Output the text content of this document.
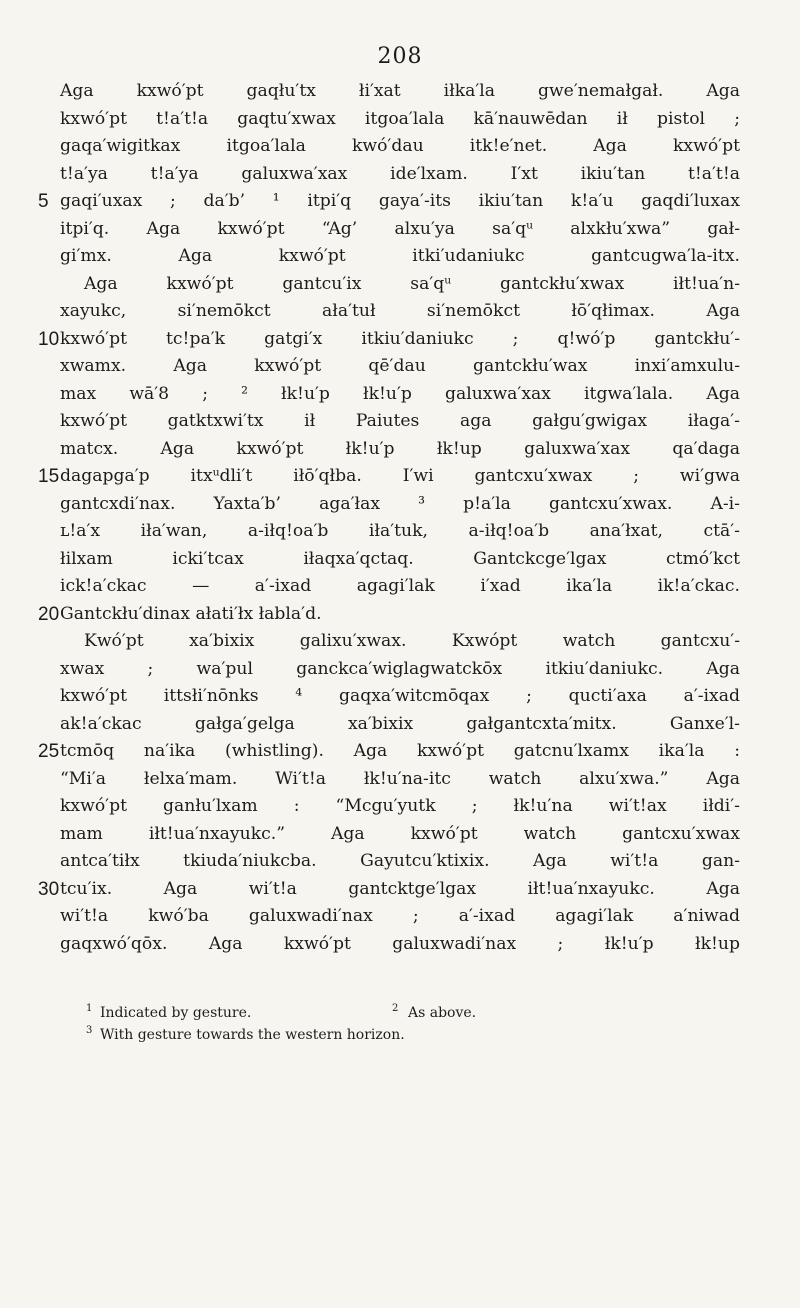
208
Aga kxwó′pt gaqłu′tx łi′xat iłka′la gwe′nemałgał. Aga
kxwó′pt t!a′t!a gaqtu′xwax itgoa′lala kā′nauwēdan ił pistol ;
gaqa′wigitkax itgoa′lala kwó′dau itk!e′net. Aga kxwó′pt
t!a′ya t!a′ya galuxwa′xax ide′lxam. I′xt ikiu′tan t!a′t!a
5 gaqi′uxax ; da′b’ ¹ itpi′q gaya′-its ikiu′tan k!a′u gaqdi′luxax
itpi′q. Aga kxwó′pt “Ag’ alxu′ya sa′qᵘ alxkłu′xwa” gał-
gi′mx. Aga kxwó′pt itki′udaniukc gantcugwa′la-itx.
Aga kxwó′pt gantcu′ix sa′qᵘ gantckłu′xwax iłt!ua′n-
xayukc, si′nemōkct ała′tuł si′nemōkct łō′qłimax. Aga
10 kxwó′pt tc!pa′k gatgi′x itkiu′daniukc ; q!wó′p gantckłu′-
xwamx. Aga kxwó′pt qē′dau gantckłu′wax inxi′amxulu-
max wā′8 ; ² łk!u′p łk!u′p galuxwa′xax itgwa′lala. Aga
kxwó′pt gatktxwi′tx ił Paiutes aga gałgu′gwigax iłaga′-
matcx. Aga kxwó′pt łk!u′p łk!up galuxwa′xax qa′daga
15 dagapga′p itxᵘdli′t iłō′qłba. I′wi gantcxu′xwax ; wi′gwa
gantcxdi′nax. Yaxta′b’ aga′łax ³ p!a′la gantcxu′xwax. A-i-
ʟ!a′x iła′wan, a-iłq!oa′b iła′tuk, a-iłq!oa′b ana′łxat, ctā′-
łilxam icki′tcax iłaqxa′qctaq. Gantckcge′lgax ctmó′kct
ick!a′ckac — a′-ixad agagi′lak i′xad ika′la ik!a′ckac.
20 Gantckłu′dinax ałati′łx łabla′d.
Kwó′pt xa′bixix galixu′xwax. Kxwópt watch gantcxu′-
xwax ; wa′pul ganckca′wiglagwatckōx itkiu′daniukc. Aga
kxwó′pt ittsłi′nōnks ⁴ gaqxa′witcmōqax ; qucti′axa a′-ixad
ak!a′ckac gałga′gelga xa′bixix gałgantcxta′mitx. Ganxe′l-
25 tcmōq na′ika (whistling). Aga kxwó′pt gatcnu′lxamx ika′la :
“Mi′a łelxa′mam. Wi′t!a łk!u′na-itc watch alxu′xwa.” Aga
kxwó′pt ganłu′lxam : “Mcgu′yutk ; łk!u′na wi′t!ax iłdi′-
mam iłt!ua′nxayukc.” Aga kxwó′pt watch gantcxu′xwax
antca′tiłx tkiuda′niukcba. Gayutcu′ktixix. Aga wi′t!a gan-
30 tcu′ix. Aga wi′t!a gantcktge′lgax iłt!ua′nxayukc. Aga
wi′t!a kwó′ba galuxwadi′nax ; a′-ixad agagi′lak a′niwad
gaqxwó′qōx. Aga kxwó′pt galuxwadi′nax ; łk!u′p łk!up
1 Indicated by gesture.	2 As above.
3 With gesture towards the western horizon.
